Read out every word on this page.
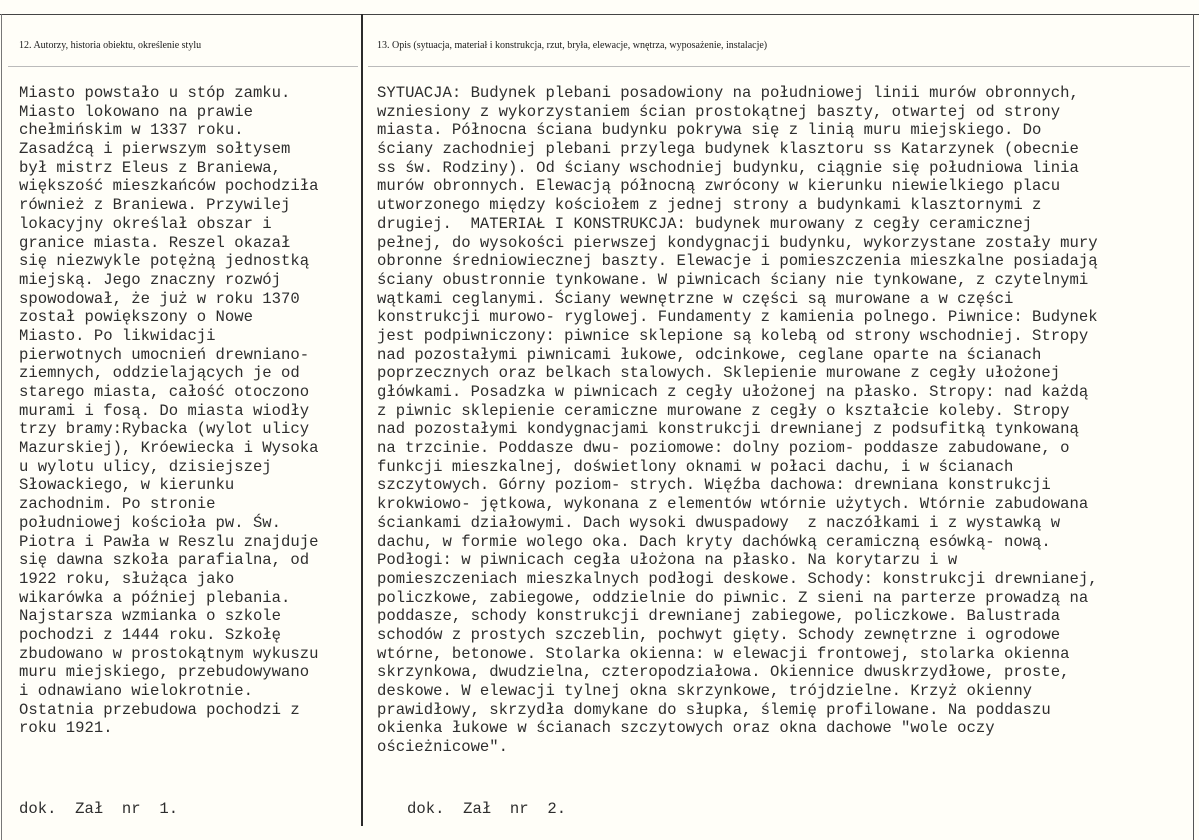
12. Autorzy, historia obiektu, określenie stylu	13. Opis (sytuacja, materiał i konstrukcja, rzut, bryła, elewacje, wnętrza, wyposażenie, instalacje)
Miasto powstało u stóp zamku.
Miasto lokowano na prawie
chełmińskim w 1337 roku.
Zasadźcą i pierwszym sołtysem
był mistrz Eleus z Braniewa,
większość mieszkańców pochodziła
również z Braniewa. Przywilej
lokacyjny określał obszar i
granice miasta. Reszel okazał
się niezwykle potężną jednostką
miejską. Jego znaczny rozwój
spowodował, że już w roku 1370
został powiększony o Nowe
Miasto. Po likwidacji
pierwotnych umocnień drewniano-
ziemnych, oddzielających je od
starego miasta, całość otoczono
murami i fosą. Do miasta wiodły
trzy bramy:Rybacka (wylot ulicy
Mazurskiej), Króewiecka i Wysoka
u wylotu ulicy, dzisiejszej
Słowackiego, w kierunku
zachodnim. Po stronie
południowej kościoła pw. Św.
Piotra i Pawła w Reszlu znajduje
się dawna szkoła parafialna, od
1922 roku, służąca jako
wikarówka a później plebania.
Najstarsza wzmianka o szkole
pochodzi z 1444 roku. Szkołę
zbudowano w prostokątnym wykuszu
muru miejskiego, przebudowywano
i odnawiano wielokrotnie.
Ostatnia przebudowa pochodzi z
roku 1921.
SYTUACJA: Budynek plebani posadowiony na południowej linii murów obronnych,
wzniesiony z wykorzystaniem ścian prostokątnej baszty, otwartej od strony
miasta. Północna ściana budynku pokrywa się z linią muru miejskiego. Do
ściany zachodniej plebani przylega budynek klasztoru ss Katarzynek (obecnie
ss św. Rodziny). Od ściany wschodniej budynku, ciągnie się południowa linia
murów obronnych. Elewacją północną zwrócony w kierunku niewielkiego placu
utworzonego między kościołem z jednej strony a budynkami klasztornymi z
drugiej.  MATERIAŁ I KONSTRUKCJA: budynek murowany z cegły ceramicznej
pełnej, do wysokości pierwszej kondygnacji budynku, wykorzystane zostały mury
obronne średniowiecznej baszty. Elewacje i pomieszczenia mieszkalne posiadają
ściany obustronnie tynkowane. W piwnicach ściany nie tynkowane, z czytelnymi
wątkami ceglanymi. Ściany wewnętrzne w części są murowane a w części
konstrukcji murowo- ryglowej. Fundamenty z kamienia polnego. Piwnice: Budynek
jest podpiwniczony: piwnice sklepione są kolebą od strony wschodniej. Stropy
nad pozostałymi piwnicami łukowe, odcinkowe, ceglane oparte na ścianach
poprzecznych oraz belkach stalowych. Sklepienie murowane z cegły ułożonej
główkami. Posadzka w piwnicach z cegły ułożonej na płasko. Stropy: nad każdą
z piwnic sklepienie ceramiczne murowane z cegły o kształcie koleby. Stropy
nad pozostałymi kondygnacjami konstrukcji drewnianej z podsufitką tynkowaną
na trzcinie. Poddasze dwu- poziomowe: dolny poziom- poddasze zabudowane, o
funkcji mieszkalnej, doświetlony oknami w połaci dachu, i w ścianach
szczytowych. Górny poziom- strych. Więźba dachowa: drewniana konstrukcji
krokwiowo- jętkowa, wykonana z elementów wtórnie użytych. Wtórnie zabudowana
ściankami działowymi. Dach wysoki dwuspadowy  z naczółkami i z wystawką w
dachu, w formie wolego oka. Dach kryty dachówką ceramiczną esówką- nową.
Podłogi: w piwnicach cegła ułożona na płasko. Na korytarzu i w
pomieszczeniach mieszkalnych podłogi deskowe. Schody: konstrukcji drewnianej,
policzkowe, zabiegowe, oddzielnie do piwnic. Z sieni na parterze prowadzą na
poddasze, schody konstrukcji drewnianej zabiegowe, policzkowe. Balustrada
schodów z prostych szczeblin, pochwyt gięty. Schody zewnętrzne i ogrodowe
wtórne, betonowe. Stolarka okienna: w elewacji frontowej, stolarka okienna
skrzynkowa, dwudzielna, czteropodziałowa. Okiennice dwuskrzydłowe, proste,
deskowe. W elewacji tylnej okna skrzynkowe, trójdzielne. Krzyż okienny
prawidłowy, skrzydła domykane do słupka, ślemię profilowane. Na poddaszu
okienka łukowe w ścianach szczytowych oraz okna dachowe "wole oczy
ościeżnicowe".
dok.  Zał  nr  1.	dok.  Zał  nr  2.
